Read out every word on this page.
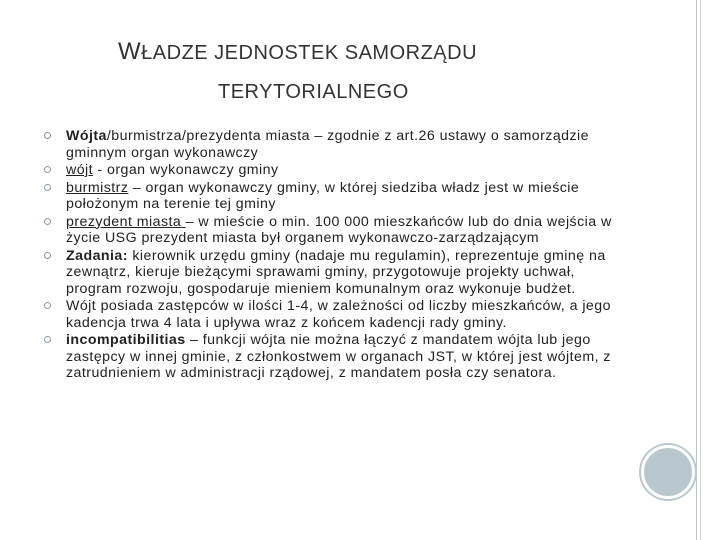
WŁADZE JEDNOSTEK SAMORZĄDU
TERYTORIALNEGO
Wójta/burmistrza/prezydenta miasta – zgodnie z art.26 ustawy o samorządzie gminnym organ wykonawczy
wójt - organ wykonawczy gminy
burmistrz – organ wykonawczy gminy, w której siedziba władz jest w mieście położonym na terenie tej gminy
prezydent miasta – w mieście o min. 100 000 mieszkańców lub do dnia wejścia w życie USG prezydent miasta był organem wykonawczo-zarządzającym
Zadania: kierownik urzędu gminy (nadaje mu regulamin), reprezentuje gminę na zewnątrz, kieruje bieżącymi sprawami gminy, przygotowuje projekty uchwał, program rozwoju, gospodaruje mieniem komunalnym oraz wykonuje budżet.
Wójt posiada zastępców w ilości 1-4, w zależności od liczby mieszkańców, a jego kadencja trwa 4 lata i upływa wraz z końcem kadencji rady gminy.
incompatibilitias – funkcji wójta nie można łączyć z mandatem wójta lub jego zastępcy w innej gminie, z członkostwem w organach JST, w której jest wójtem, z zatrudnieniem w administracji rządowej, z mandatem posła czy senatora.
